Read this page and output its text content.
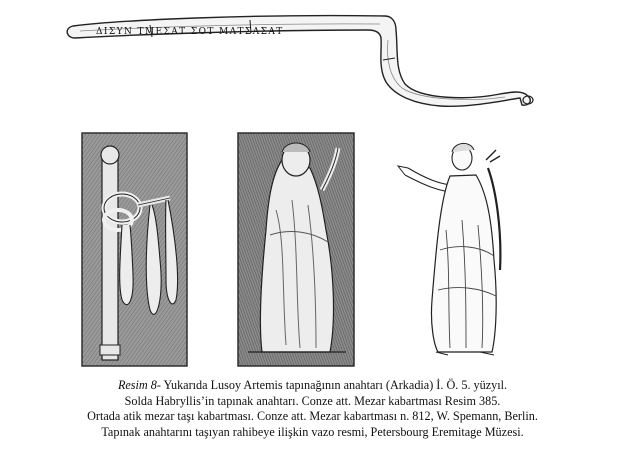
ΔΙΣΥΝ ΤΜΕΣΑΤ ΣΟΤ ΜΑΤΣΑΣΑΤ
Resim 8- Yukarıda Lusoy Artemis tapınağının anahtarı (Arkadia) İ. Ö. 5. yüzyıl.
Solda Habryllis’in tapınak anahtarı. Conze att. Mezar kabartması Resim 385.
Ortada atik mezar taşı kabartması. Conze att. Mezar kabartması n. 812, W. Spemann, Berlin.
Tapınak anahtarını taşıyan rahibeye ilişkin vazo resmi, Petersbourg Eremitage Müzesi.
